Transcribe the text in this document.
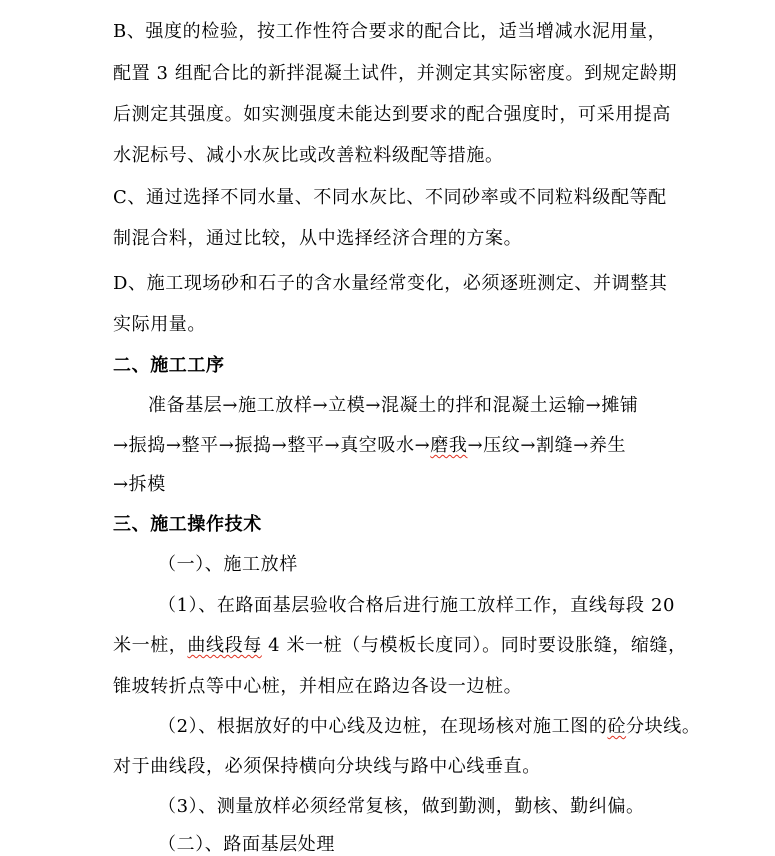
B、强度的检验，按工作性符合要求的配合比，适当增减水泥用量，
配置 3 组配合比的新拌混凝土试件，并测定其实际密度。到规定龄期
后测定其强度。如实测强度未能达到要求的配合强度时，可采用提高
水泥标号、减小水灰比或改善粒料级配等措施。
C、通过选择不同水量、不同水灰比、不同砂率或不同粒料级配等配
制混合料，通过比较，从中选择经济合理的方案。
D、施工现场砂和石子的含水量经常变化，必须逐班测定、并调整其
实际用量。
二、施工工序
准备基层→施工放样→立模→混凝土的拌和混凝土运输→摊铺
→振捣→整平→振捣→整平→真空吸水→磨我→压纹→割缝→养生
→拆模
三、施工操作技术
（一）、施工放样
（1）、在路面基层验收合格后进行施工放样工作，直线每段 20
米一桩，曲线段每 4 米一桩（与模板长度同）。同时要设胀缝，缩缝，
锥坡转折点等中心桩，并相应在路边各设一边桩。
（2）、根据放好的中心线及边桩，在现场核对施工图的砼分块线。
对于曲线段，必须保持横向分块线与路中心线垂直。
（3）、测量放样必须经常复核，做到勤测，勤核、勤纠偏。
（二）、路面基层处理
